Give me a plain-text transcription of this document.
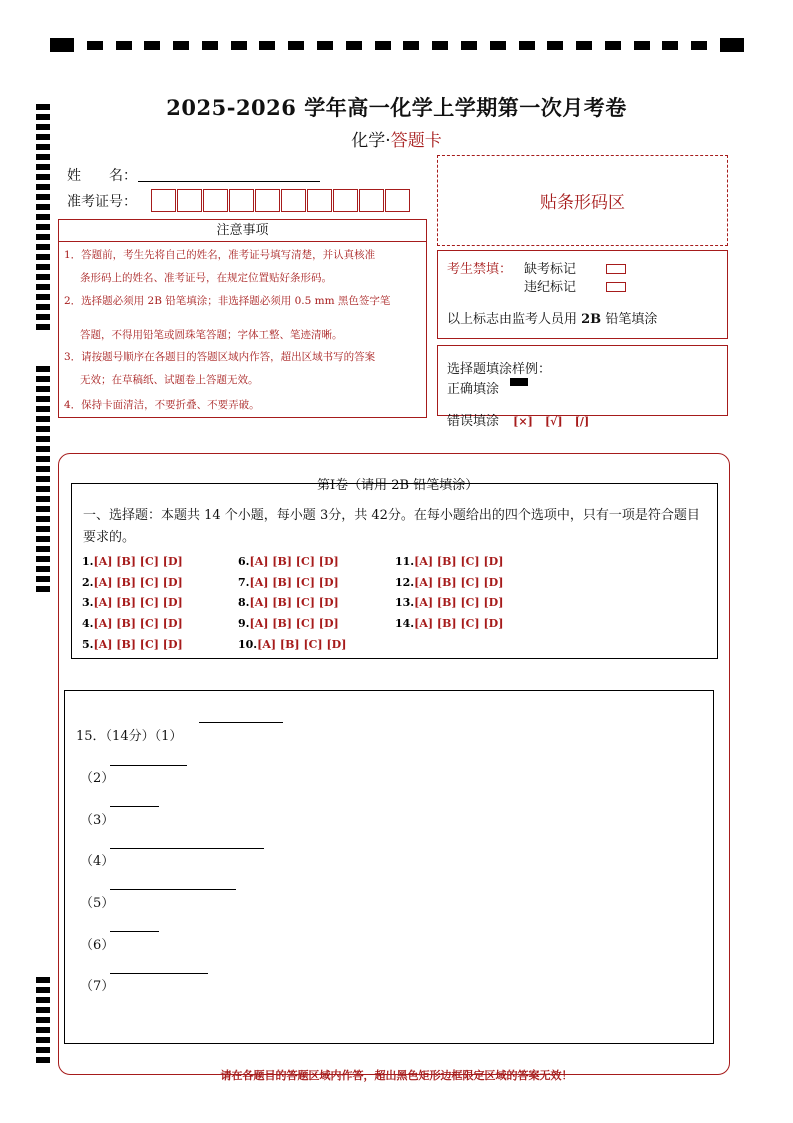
2025-2026 学年高一化学上学期第一次月考卷
化学·答题卡
姓　　名：
准考证号：	贴条形码区
注意事项
1．答题前，考生先将自己的姓名，准考证号填写清楚，并认真核准
条形码上的姓名、准考证号，在规定位置贴好条形码。
2．选择题必须用 2B 铅笔填涂；非选择题必须用 0.5 mm 黑色签字笔
答题，不得用铅笔或圆珠笔答题；字体工整、笔迹清晰。
3．请按题号顺序在各题目的答题区域内作答，超出区域书写的答案
无效；在草稿纸、试题卷上答题无效。
4．保持卡面清洁，不要折叠、不要弄破。
考生禁填： 缺考标记
违纪标记
以上标志由监考人员用 2B 铅笔填涂
选择题填涂样例：
正确填涂
错误填涂 [×] [√] [/]
一、选择题：本题共 14 个小题，每小题 3分，共 42分。在每小题给出的四个选项中，只有一项是符合题目要求的。
1.[A] [B] [C] [D]
2.[A] [B] [C] [D]
3.[A] [B] [C] [D]
4.[A] [B] [C] [D]
5.[A] [B] [C] [D]
6.[A] [B] [C] [D]
7.[A] [B] [C] [D]
8.[A] [B] [C] [D]
9.[A] [B] [C] [D]
10.[A] [B] [C] [D]
11.[A] [B] [C] [D]
12.[A] [B] [C] [D]
13.[A] [B] [C] [D]
14.[A] [B] [C] [D]
第Ⅰ卷（请用 2B 铅笔填涂）
15．（14分）（1）
（2）
（3）
（4）
（5）
（6）
（7）
请在各题目的答题区域内作答，超出黑色矩形边框限定区域的答案无效！
